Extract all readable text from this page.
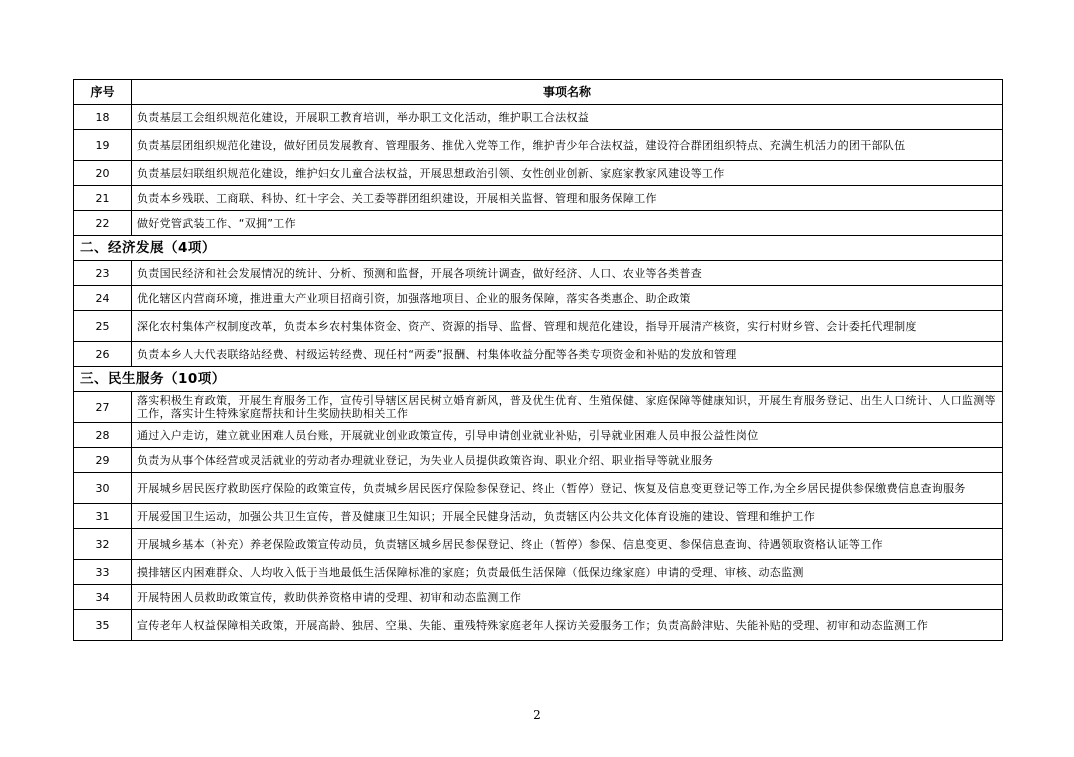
序号	事项名称
18	负责基层工会组织规范化建设，开展职工教育培训，举办职工文化活动，维护职工合法权益
19	负责基层团组织规范化建设，做好团员发展教育、管理服务、推优入党等工作，维护青少年合法权益，建设符合群团组织特点、充满生机活力的团干部队伍
20	负责基层妇联组织规范化建设，维护妇女儿童合法权益，开展思想政治引领、女性创业创新、家庭家教家风建设等工作
21	负责本乡残联、工商联、科协、红十字会、关工委等群团组织建设，开展相关监督、管理和服务保障工作
22	做好党管武装工作、“双拥”工作
二、经济发展（4项）	
23	负责国民经济和社会发展情况的统计、分析、预测和监督，开展各项统计调查，做好经济、人口、农业等各类普查
24	优化辖区内营商环境，推进重大产业项目招商引资，加强落地项目、企业的服务保障，落实各类惠企、助企政策
25	深化农村集体产权制度改革，负责本乡农村集体资金、资产、资源的指导、监督、管理和规范化建设，指导开展清产核资，实行村财乡管、会计委托代理制度
26	负责本乡人大代表联络站经费、村级运转经费、现任村“两委”报酬、村集体收益分配等各类专项资金和补贴的发放和管理
三、民生服务（10项）	
27	落实积极生育政策，开展生育服务工作，宣传引导辖区居民树立婚育新风，普及优生优育、生殖保健、家庭保障等健康知识，开展生育服务登记、出生人口统计、人口监测等工作，落实计生特殊家庭帮扶和计生奖励扶助相关工作
28	通过入户走访，建立就业困难人员台账，开展就业创业政策宣传，引导申请创业就业补贴，引导就业困难人员申报公益性岗位
29	负责为从事个体经营或灵活就业的劳动者办理就业登记，为失业人员提供政策咨询、职业介绍、职业指导等就业服务
30	开展城乡居民医疗救助医疗保险的政策宣传，负责城乡居民医疗保险参保登记、终止（暂停）登记、恢复及信息变更登记等工作,为全乡居民提供参保缴费信息查询服务
31	开展爱国卫生运动，加强公共卫生宣传，普及健康卫生知识；开展全民健身活动，负责辖区内公共文化体育设施的建设、管理和维护工作
32	开展城乡基本（补充）养老保险政策宣传动员，负责辖区城乡居民参保登记、终止（暂停）参保、信息变更、参保信息查询、待遇领取资格认证等工作
33	摸排辖区内困难群众、人均收入低于当地最低生活保障标准的家庭；负责最低生活保障（低保边缘家庭）申请的受理、审核、动态监测
34	开展特困人员救助政策宣传，救助供养资格申请的受理、初审和动态监测工作
35	宣传老年人权益保障相关政策，开展高龄、独居、空巢、失能、重残特殊家庭老年人探访关爱服务工作；负责高龄津贴、失能补贴的受理、初审和动态监测工作
2
